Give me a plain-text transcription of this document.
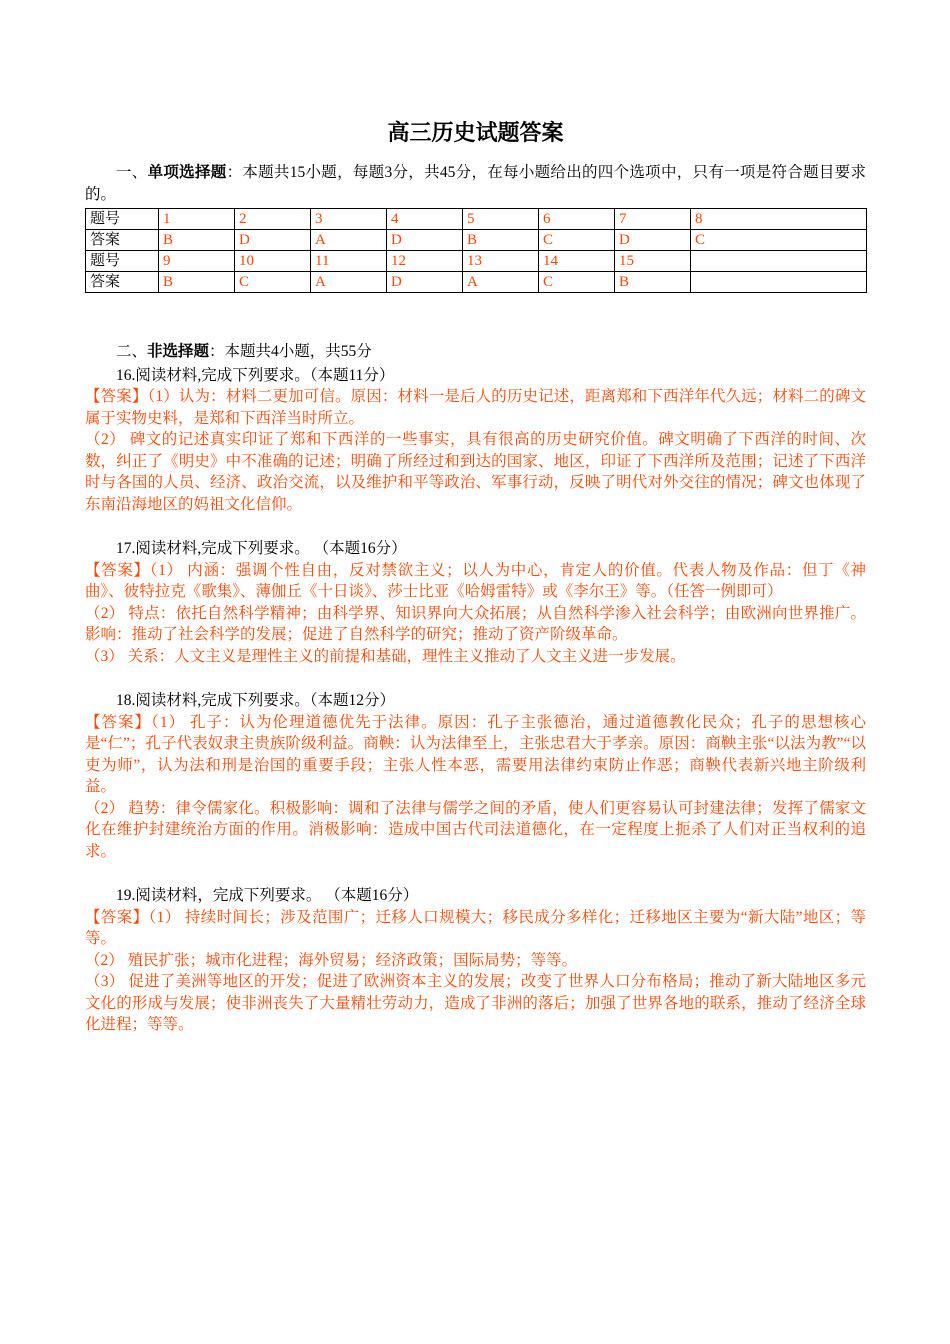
高三历史试题答案

一、单项选择题：本题共15小题，每题3分，共45分，在每小题给出的四个选项中，只有一项是符合题目要求的。

题号	1	2	3	4	5	6	7	8
答案	B	D	A	D	B	C	D	C
题号	9	10	11	12	13	14	15	
答案	B	C	A	D	A	C	B	

二、非选择题：本题共4小题，共55分

16.阅读材料,完成下列要求。（本题11分）

【答案】（1）认为：材料二更加可信。原因：材料一是后人的历史记述，距离郑和下西洋年代久远；材料二的碑文属于实物史料，是郑和下西洋当时所立。

（2） 碑文的记述真实印证了郑和下西洋的一些事实，具有很高的历史研究价值。碑文明确了下西洋的时间、次数，纠正了《明史》中不准确的记述；明确了所经过和到达的国家、地区，印证了下西洋所及范围；记述了下西洋时与各国的人员、经济、政治交流，以及维护和平等政治、军事行动，反映了明代对外交往的情况；碑文也体现了东南沿海地区的妈祖文化信仰。

17.阅读材料,完成下列要求。 （本题16分）

【答案】（1） 内涵：强调个性自由，反对禁欲主义；以人为中心，肯定人的价值。代表人物及作品：但丁《神曲》、彼特拉克《歌集》、薄伽丘《十日谈》、莎士比亚《哈姆雷特》或《李尔王》等。（任答一例即可）

（2） 特点：依托自然科学精神；由科学界、知识界向大众拓展；从自然科学渗入社会科学；由欧洲向世界推广。影响：推动了社会科学的发展；促进了自然科学的研究；推动了资产阶级革命。

（3） 关系：人文主义是理性主义的前提和基础，理性主义推动了人文主义进一步发展。

18.阅读材料,完成下列要求。（本题12分）

【答案】（1） 孔子：认为伦理道德优先于法律。原因：孔子主张德治，通过道德教化民众；孔子的思想核心是“仁”；孔子代表奴隶主贵族阶级利益。商鞅：认为法律至上，主张忠君大于孝亲。原因：商鞅主张“以法为教”“以吏为师”，认为法和刑是治国的重要手段；主张人性本恶，需要用法律约束防止作恶；商鞅代表新兴地主阶级利益。

（2） 趋势：律令儒家化。积极影响：调和了法律与儒学之间的矛盾，使人们更容易认可封建法律；发挥了儒家文化在维护封建统治方面的作用。消极影响：造成中国古代司法道德化，在一定程度上扼杀了人们对正当权利的追求。

19.阅读材料，完成下列要求。 （本题16分）

【答案】（1） 持续时间长；涉及范围广；迁移人口规模大；移民成分多样化；迁移地区主要为“新大陆”地区；等等。

（2） 殖民扩张；城市化进程；海外贸易；经济政策；国际局势；等等。

（3） 促进了美洲等地区的开发；促进了欧洲资本主义的发展；改变了世界人口分布格局；推动了新大陆地区多元文化的形成与发展；使非洲丧失了大量精壮劳动力，造成了非洲的落后；加强了世界各地的联系，推动了经济全球化进程；等等。
